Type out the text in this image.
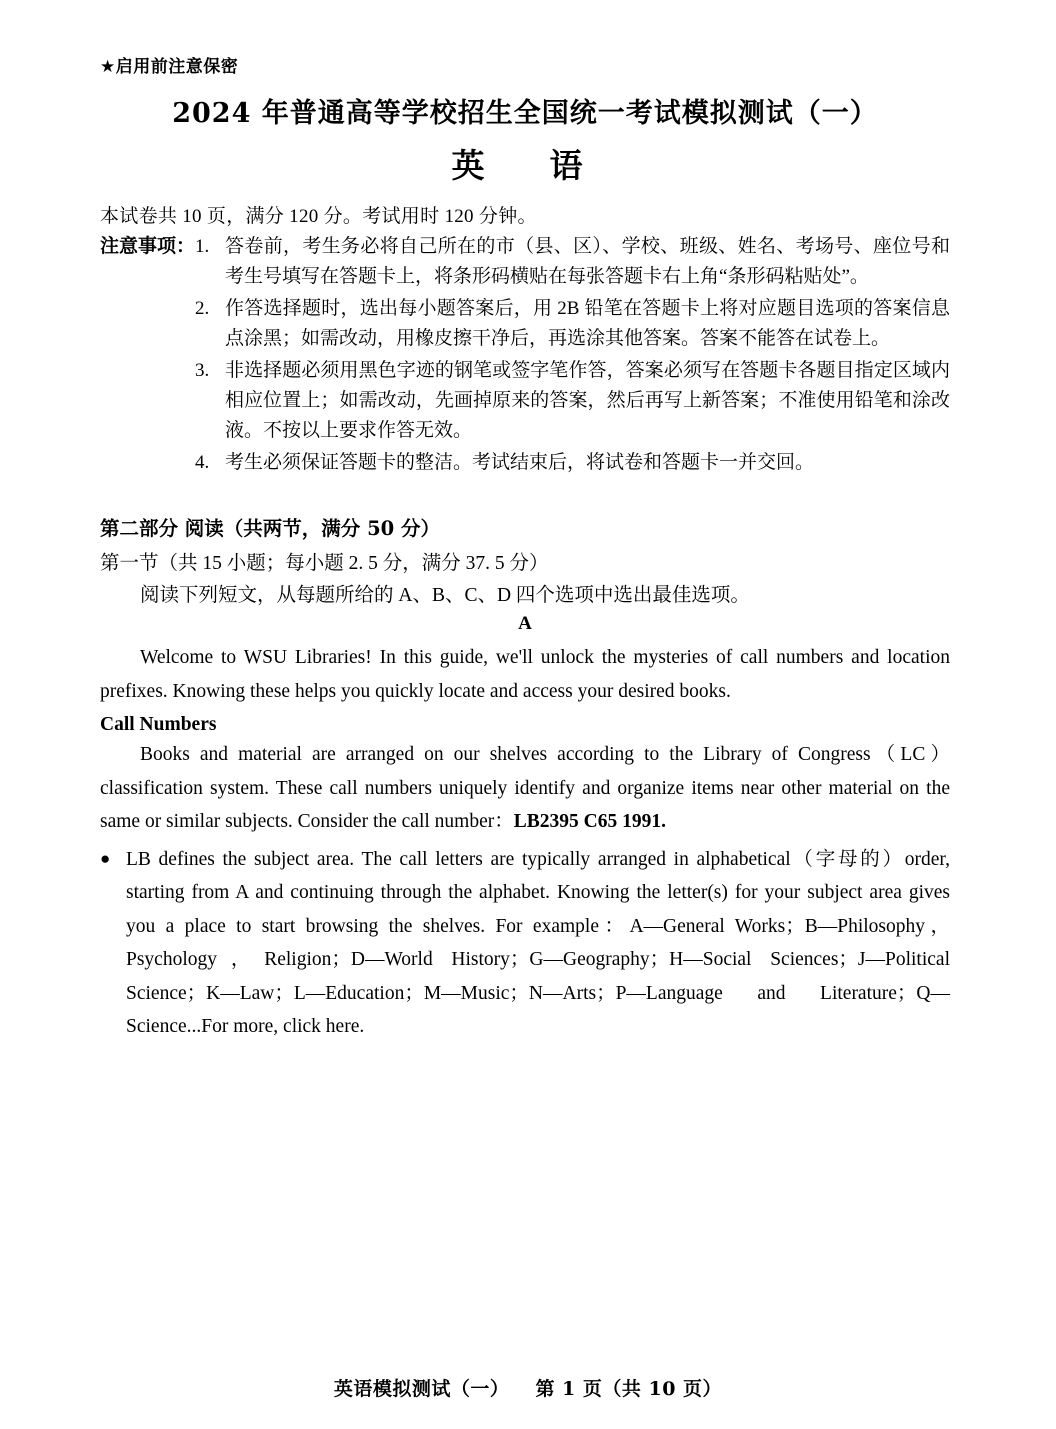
★启用前注意保密
2024 年普通高等学校招生全国统一考试模拟测试（一）
英　语
本试卷共 10 页，满分 120 分。考试用时 120 分钟。
注意事项： 1. 答卷前，考生务必将自己所在的市（县、区）、学校、班级、姓名、考场号、座位号和考生号填写在答题卡上，将条形码横贴在每张答题卡右上角“条形码粘贴处”。
2. 作答选择题时，选出每小题答案后，用 2B 铅笔在答题卡上将对应题目选项的答案信息点涂黑；如需改动，用橡皮擦干净后，再选涂其他答案。答案不能答在试卷上。
3. 非选择题必须用黑色字迹的钢笔或签字笔作答，答案必须写在答题卡各题目指定区域内相应位置上；如需改动，先画掉原来的答案，然后再写上新答案；不准使用铅笔和涂改液。不按以上要求作答无效。
4. 考生必须保证答题卡的整洁。考试结束后，将试卷和答题卡一并交回。
第二部分 阅读（共两节，满分 50 分）
第一节（共 15 小题；每小题 2. 5 分，满分 37. 5 分）
阅读下列短文，从每题所给的 A、B、C、D 四个选项中选出最佳选项。
A

Welcome to WSU Libraries! In this guide, we'll unlock the mysteries of call numbers and location prefixes. Knowing these helps you quickly locate and access your desired books.

Call Numbers

Books and material are arranged on our shelves according to the Library of Congress（LC）classification system. These call numbers uniquely identify and organize items near other material on the same or similar subjects. Consider the call number：LB2395 C65 1991.

● LB defines the subject area. The call letters are typically arranged in alphabetical（字母的）order, starting from A and continuing through the alphabet. Knowing the letter(s) for your subject area gives you a place to start browsing the shelves. For example：A—General Works；B—Philosophy，Psychology，Religion；D—World History；G—Geography；H—Social Sciences；J—Political Science；K—Law；L—Education；M—Music；N—Arts；P—Language and Literature；Q—Science...For more, click here.
英语模拟测试（一） 第 1 页（共 10 页）
